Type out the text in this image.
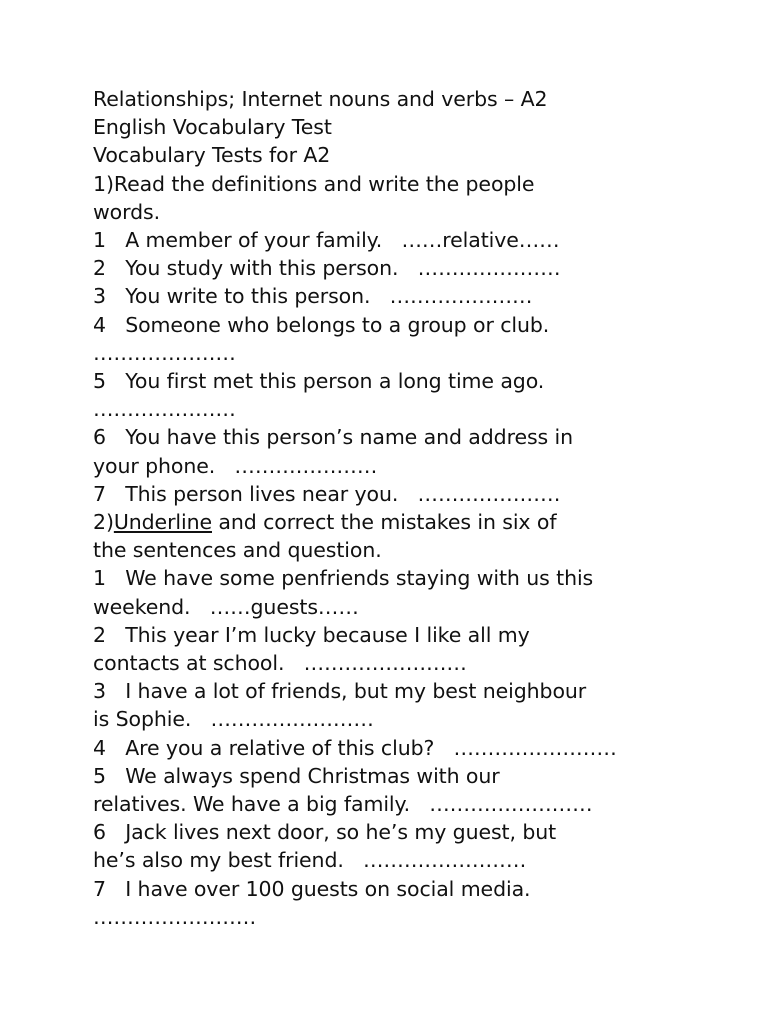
Relationships; Internet nouns and verbs – A2
English Vocabulary Test
Vocabulary Tests for A2
1)Read the definitions and write the people
words.
1   A member of your family.   ……relative……
2   You study with this person.   …………………
3   You write to this person.   …………………
4   Someone who belongs to a group or club.
…………………
5   You first met this person a long time ago.
…………………
6   You have this person’s name and address in
your phone.   …………………
7   This person lives near you.   …………………
2)Underline and correct the mistakes in six of
the sentences and question.
1   We have some penfriends staying with us this
weekend.   ……guests……
2   This year I’m lucky because I like all my
contacts at school.   ……………………
3   I have a lot of friends, but my best neighbour
is Sophie.   ……………………
4   Are you a relative of this club?   ……………………
5   We always spend Christmas with our
relatives. We have a big family.   ……………………
6   Jack lives next door, so he’s my guest, but
he’s also my best friend.   ……………………
7   I have over 100 guests on social media.
……………………
